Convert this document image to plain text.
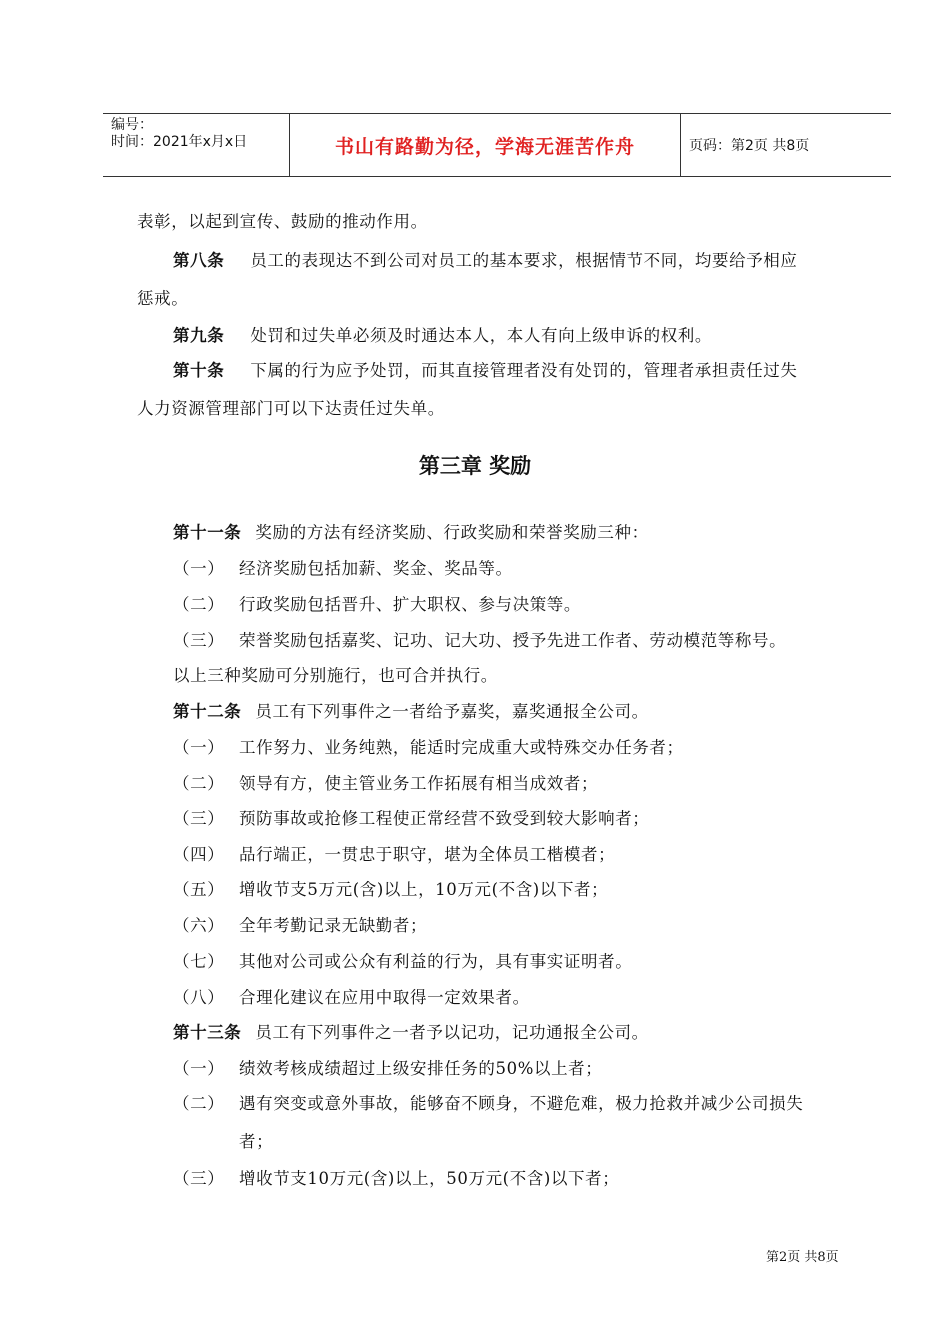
编号：
时间：2021年x月x日	书山有路勤为径，学海无涯苦作舟	页码：第2页 共8页
表彰，以起到宣传、鼓励的推动作用。
第八条 员工的表现达不到公司对员工的基本要求，根据情节不同，均要给予相应
惩戒。
第九条 处罚和过失单必须及时通达本人，本人有向上级申诉的权利。
第十条 下属的行为应予处罚，而其直接管理者没有处罚的，管理者承担责任过失
人力资源管理部门可以下达责任过失单。
第三章 奖励
第十一条 奖励的方法有经济奖励、行政奖励和荣誉奖励三种：
（一） 经济奖励包括加薪、奖金、奖品等。
（二） 行政奖励包括晋升、扩大职权、参与决策等。
（三） 荣誉奖励包括嘉奖、记功、记大功、授予先进工作者、劳动模范等称号。
以上三种奖励可分别施行，也可合并执行。
第十二条 员工有下列事件之一者给予嘉奖，嘉奖通报全公司。
（一） 工作努力、业务纯熟，能适时完成重大或特殊交办任务者；
（二） 领导有方，使主管业务工作拓展有相当成效者；
（三） 预防事故或抢修工程使正常经营不致受到较大影响者；
（四） 品行端正，一贯忠于职守，堪为全体员工楷模者；
（五） 增收节支5万元(含)以上，10万元(不含)以下者；
（六） 全年考勤记录无缺勤者；
（七） 其他对公司或公众有利益的行为，具有事实证明者。
（八） 合理化建议在应用中取得一定效果者。
第十三条 员工有下列事件之一者予以记功，记功通报全公司。
（一） 绩效考核成绩超过上级安排任务的50%以上者；
（二） 遇有突变或意外事故，能够奋不顾身，不避危难，极力抢救并减少公司损失
者；
（三） 增收节支10万元(含)以上，50万元(不含)以下者；
第2页 共8页
